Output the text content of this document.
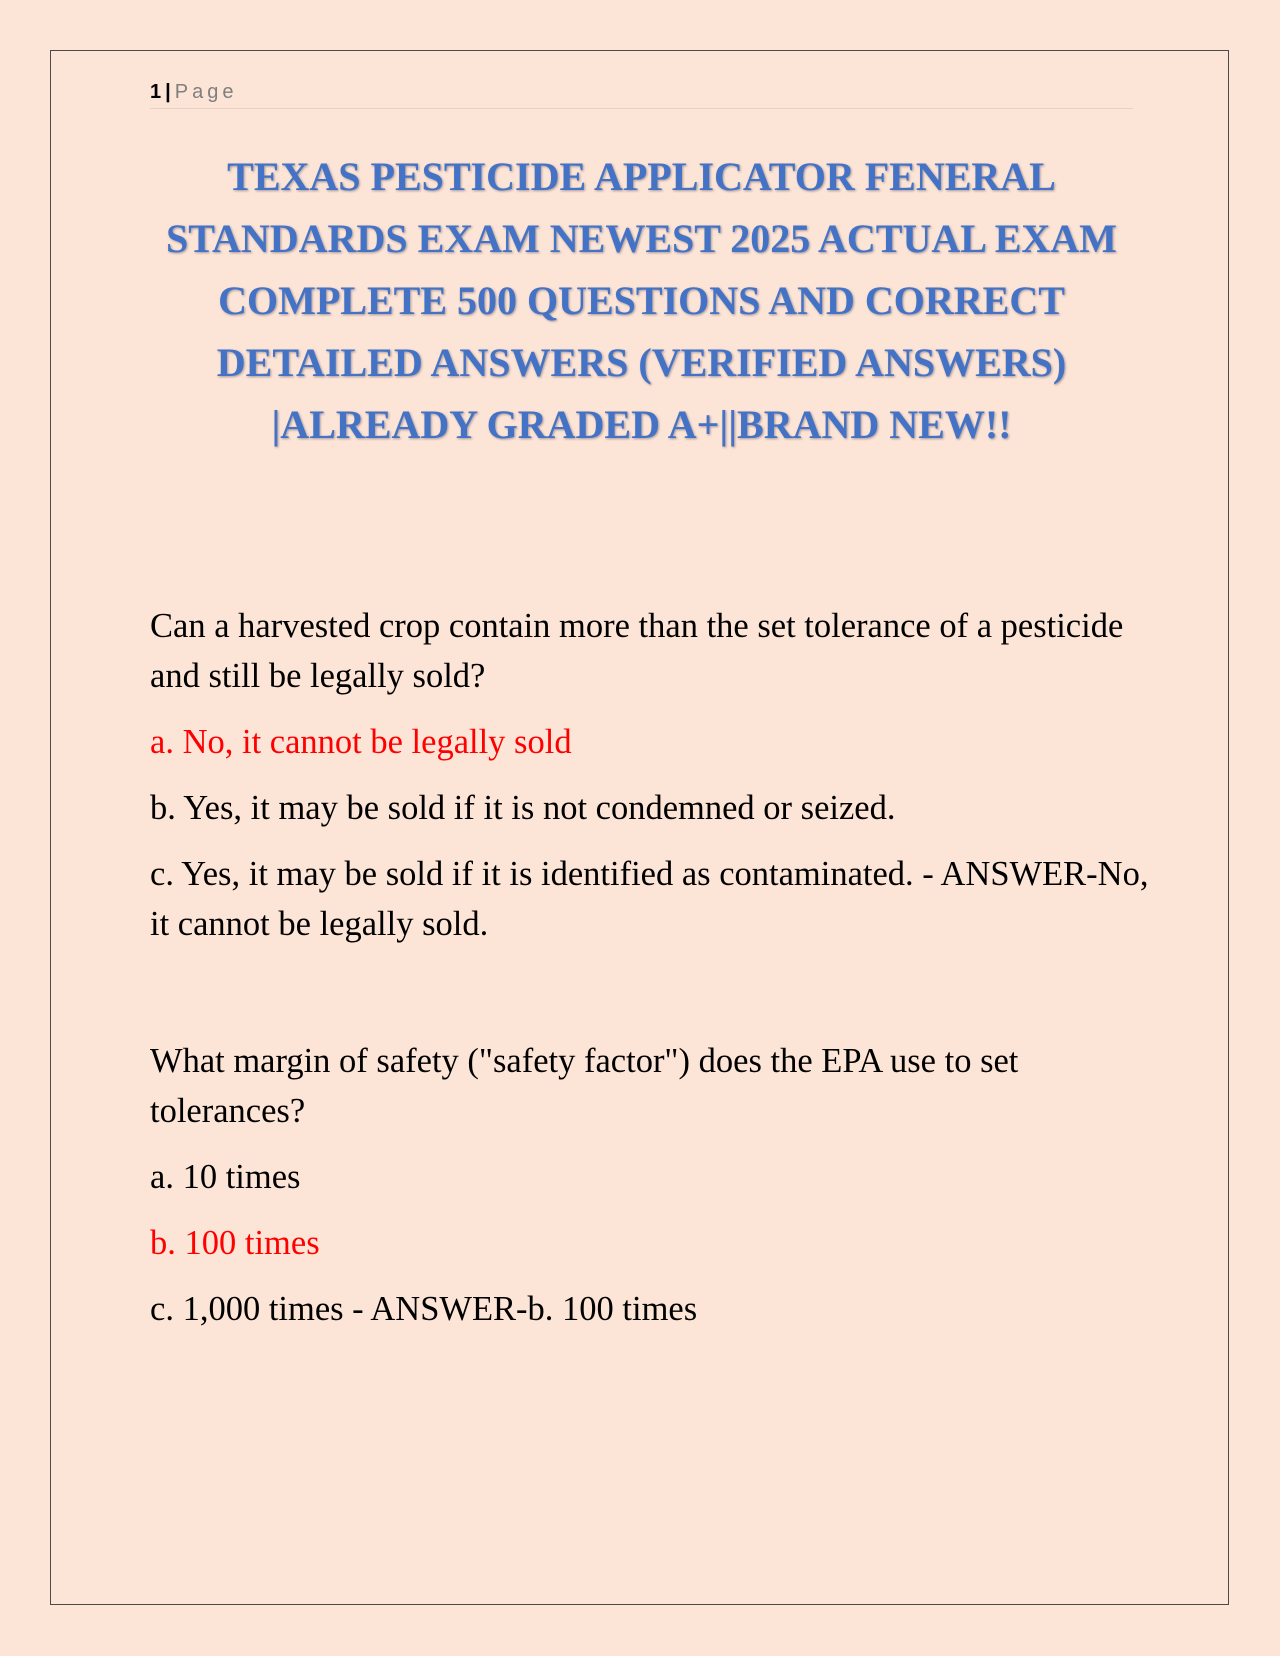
1 | Page
TEXAS PESTICIDE APPLICATOR FENERAL STANDARDS EXAM NEWEST 2025 ACTUAL EXAM COMPLETE 500 QUESTIONS AND CORRECT DETAILED ANSWERS (VERIFIED ANSWERS) |ALREADY GRADED A+||BRAND NEW!!

Can a harvested crop contain more than the set tolerance of a pesticide and still be legally sold?

a. No, it cannot be legally sold

b. Yes, it may be sold if it is not condemned or seized.

c. Yes, it may be sold if it is identified as contaminated. - ANSWER-No, it cannot be legally sold.

What margin of safety ("safety factor") does the EPA use to set tolerances?

a. 10 times

b. 100 times

c. 1,000 times - ANSWER-b. 100 times
